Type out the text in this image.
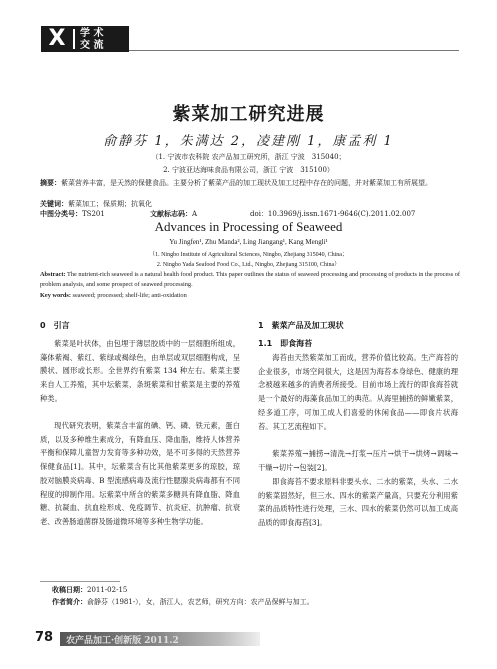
X	学 术
交 流
紫菜加工研究进展
俞静芬 1，朱满达 2，凌建刚 1，康孟利 1
（1. 宁波市农科院 农产品加工研究所，浙江 宁波　315040；
2. 宁波亚达海味食品有限公司，浙江 宁波　315100）
摘要：紫菜营养丰富，是天然的保健食品。主要分析了紫菜产品的加工现状及加工过程中存在的问题，并对紫菜加工有所展望。
关键词：紫菜加工；保质期；抗氧化
中图分类号：TS201	文献标志码：A	doi：10.3969/j.issn.1671-9646(C).2011.02.007
Advances in Processing of Seaweed
Yu Jingfen¹, Zhu Manda², Ling Jiangang¹, Kang Mengli¹
（1. Ningbo Institute of Agricultural Sciences, Ningbo, Zhejiang 315040, China；
2. Ningbo Yada Seafood Food Co., Ltd., Ningbo, Zhejiang 315100, China）
Abstract: The nutrient-rich seaweed is a natural health food product. This paper outlines the status of seaweed processing and processing of products in the process of problem analysis, and some prospect of seaweed processing.
Key words: seaweed; processed; shelf-life; anti-oxidation
0　引言
紫菜是叶状体，由包埋于薄层胶质中的一层细胞所组成，藻体紫褐、紫红、紫绿或褐绿色，由单层或双层细胞构成，呈膜状、圆形或长形。全世界约有紫菜 134 种左右。紫菜主要来自人工养殖，其中坛紫菜、条斑紫菜和甘紫菜是主要的养殖种类。
现代研究表明，紫菜含丰富的碘、钙、磷、铁元素，蛋白质，以及多种维生素成分，有降血压、降血脂，维持人体营养平衡和保障儿童智力发育等多种功效，是不可多得的天然营养保健食品[1]。其中，坛紫菜含有比其他紫菜更多的琼胶，琼胶对脑膜炎病毒、B 型流感病毒及流行性腮腺炎病毒都有不同程度的抑制作用。坛紫菜中所含的紫菜多糖具有降血脂、降血糖、抗凝血、抗血栓形成、免疫调节、抗炎症、抗肿瘤、抗衰老、改善肠道菌群及肠道微环境等多种生物学功能。
1　紫菜产品及加工现状
1.1　即食海苔
海苔由天然紫菜加工而成，营养价值比较高。生产海苔的企业很多，市场空间很大，这是因为海苔本身绿色、健康的理念被越来越多的消费者所接受。目前市场上流行的即食海苔就是一个最好的海藻食品加工的典范。从海里捕捞的鲜嫩紫菜，经多道工序，可加工成人们喜爱的休闲食品——即食片状海苔。其工艺流程如下。
紫菜养殖→捕捞→清洗→打浆→压片→烘干→烘烤→调味→干燥→切片→包装[2]。
即食海苔不要求原料非要头水、二水的紫菜，头水、二水的紫菜固然好，但三水、四水的紫菜产量高，只要充分利用紫菜的品质特性进行处理，三水、四水的紫菜仍然可以加工成高品质的即食海苔[3]。
收稿日期：2011-02-15
作者简介：俞静芬（1981-），女，浙江人，农艺师，研究方向：农产品保鲜与加工。
78 农产品加工·创新版 2011.2
